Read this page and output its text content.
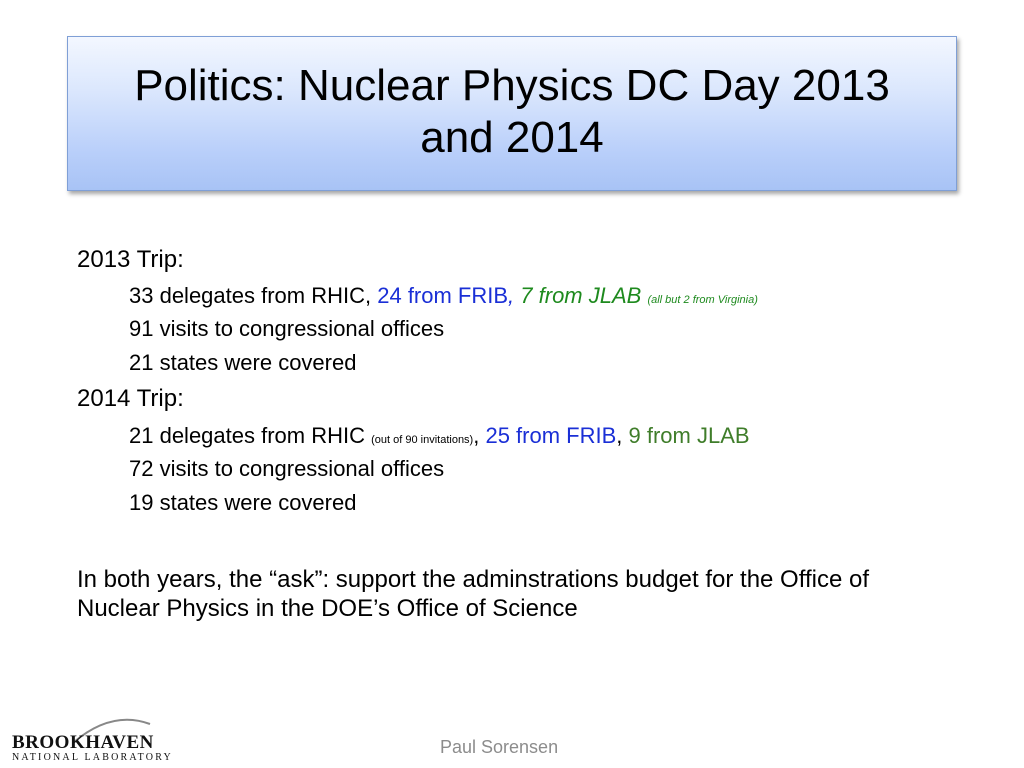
Politics: Nuclear Physics DC Day 2013
and 2014
2013 Trip:
33 delegates from RHIC, 24 from FRIB, 7 from JLAB (all but 2 from Virginia)
91 visits to congressional offices
21 states were covered
2014 Trip:
21 delegates from RHIC (out of 90 invitations), 25 from FRIB, 9 from JLAB
72 visits to congressional offices
19 states were covered
In both years, the “ask”: support the adminstrations budget for the Office of Nuclear Physics in the DOE’s Office of Science
BROOKHAVEN
NATIONAL LABORATORY
Paul Sorensen
